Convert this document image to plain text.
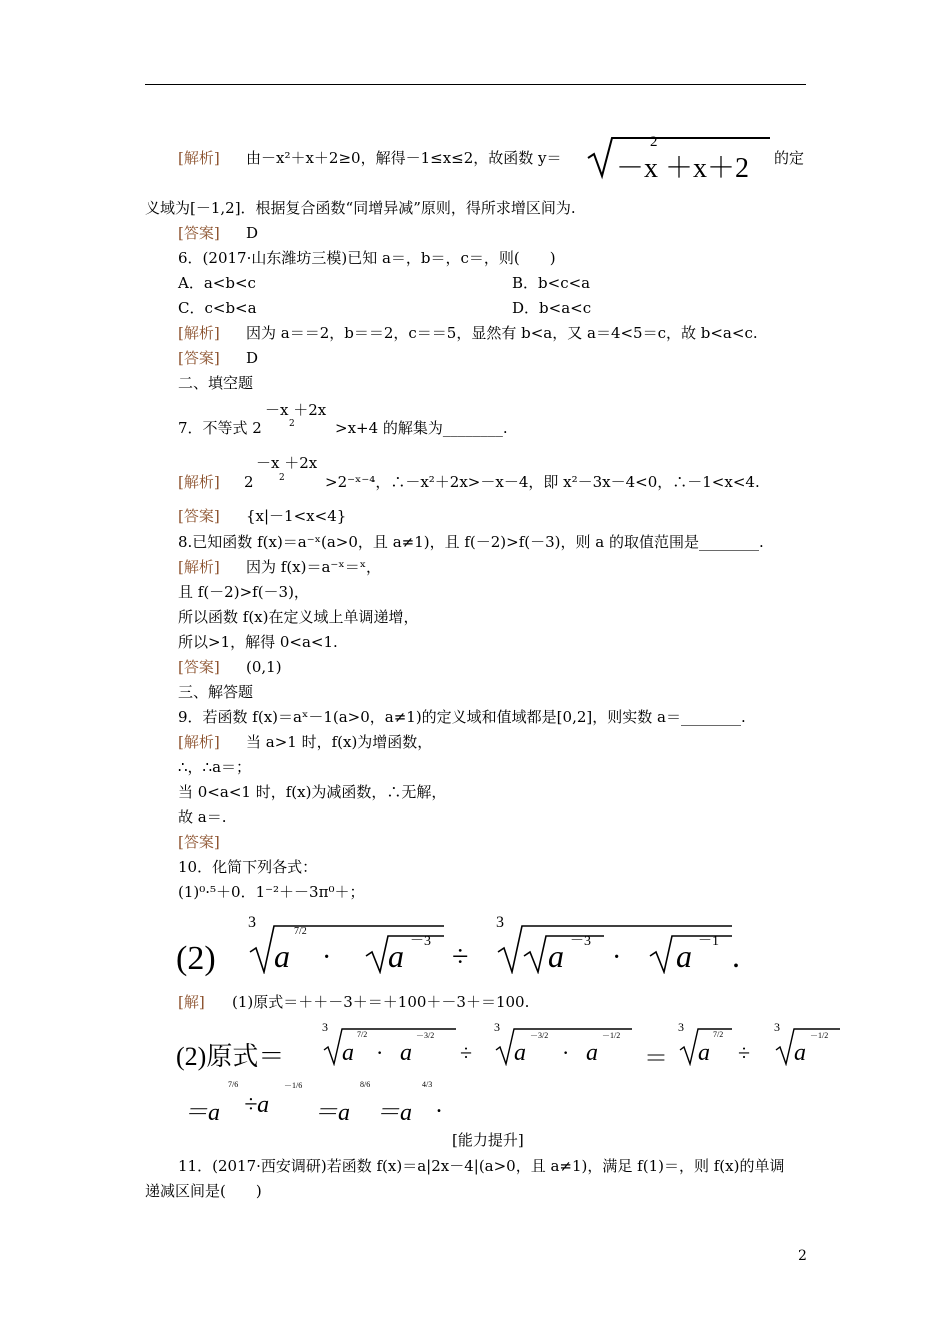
[解析] 由－x²＋x＋2≥0，解得－1≤x≤2，故函数 y＝ －x ＋x＋2
2
的定
义域为[－1,2]．根据复合函数“同增异减”原则，得所求增区间为.
[答案] D
6．(2017·山东潍坊三模)已知 a＝，b＝，c＝，则(　　)
A．a<b<c	B．b<c<a
C．c<b<a	D．b<a<c
[解析] 因为 a＝＝2，b＝＝2，c＝＝5，显然有 b<a，又 a＝4<5＝c，故 b<a<c.
[答案] D
二、填空题
－x ＋2x
7．不等式 2	2	>x+4 的解集为________.
－x ＋2x
[解析] 2	2	>2⁻ˣ⁻⁴，∴－x²＋2x>－x－4，即 x²－3x－4<0，∴－1<x<4.
[答案] {x|－1<x<4}
8.已知函数 f(x)＝a⁻ˣ(a>0，且 a≠1)，且 f(－2)>f(－3)，则 a 的取值范围是________.
[解析] 因为 f(x)＝a⁻ˣ＝ˣ，
且 f(－2)>f(－3)，
所以函数 f(x)在定义域上单调递增，
所以>1，解得 0<a<1.
[答案] (0,1)
三、解答题
9．若函数 f(x)＝aˣ－1(a>0，a≠1)的定义域和值域都是[0,2]，则实数 a＝________.
[解析] 当 a>1 时，f(x)为增函数，
∴，∴a＝；
当 0<a<1 时，f(x)为减函数，∴无解，
故 a＝.
[答案]
10．化简下列各式：
(1)⁰·⁵＋0．1⁻²＋－3π⁰＋；
(2)
3
a
7/2
· a －3 ÷
3
a －3
· a －1 .
[解] (1)原式＝＋＋－3＋＝＋100＋－3＋＝100.
(2)原式＝
3
a
7/2
· a
－3/2
÷
3
a
－3/2
· a
－1/2
＝
3
a
7/2
÷
3
a
－1/2
＝a
7/6
÷a
－1/6
＝a
8/6
＝a
4/3
.
[能力提升]
11．(2017·西安调研)若函数 f(x)＝a|2x－4|(a>0，且 a≠1)，满足 f(1)＝，则 f(x)的单调
递减区间是(　　)
2
